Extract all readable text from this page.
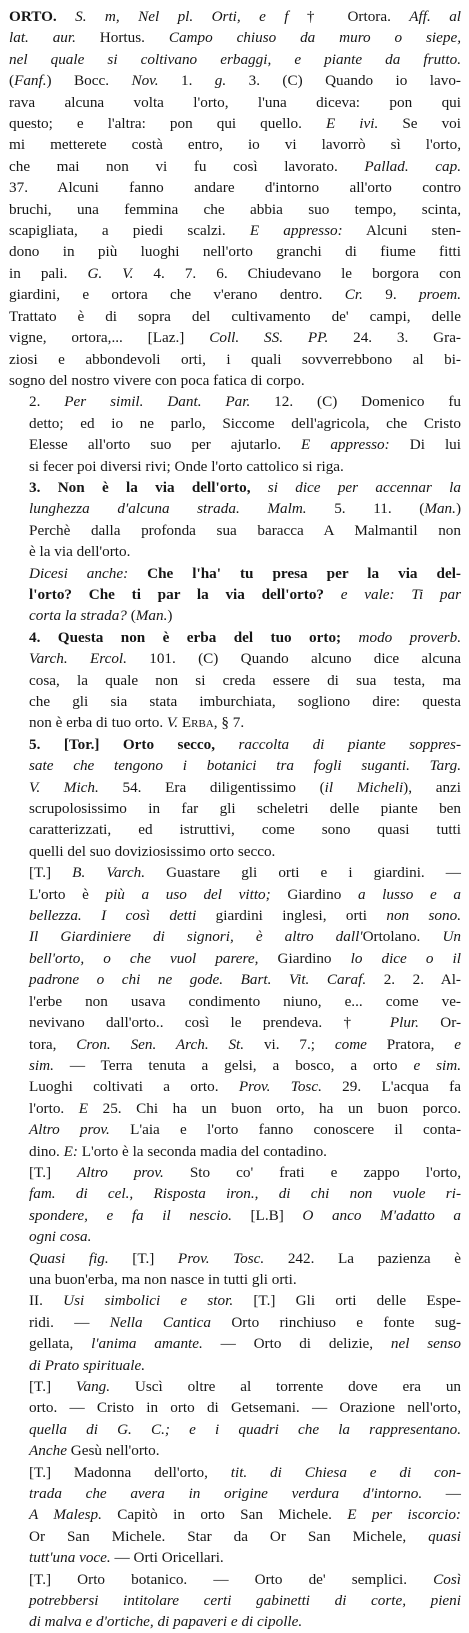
ORTO. S. m, Nel pl. Orti, e f † Ortora. Aff. al
lat. aur. Hortus. Campo chiuso da muro o siepe,
nel quale si coltivano erbaggi, e piante da frutto.
(Fanf.) Bocc. Nov. 1. g. 3. (C) Quando io lavo-
rava alcuna volta l'orto, l'una diceva: pon qui
questo; e l'altra: pon qui quello. E ivi. Se voi
mi metterete costà entro, io vi lavorrò sì l'orto,
che mai non vi fu così lavorato. Pallad. cap.
37. Alcuni fanno andare d'intorno all'orto contro
bruchi, una femmina che abbia suo tempo, scinta,
scapigliata, a piedi scalzi. E appresso: Alcuni sten-
dono in più luoghi nell'orto granchi di fiume fitti
in pali. G. V. 4. 7. 6. Chiudevano le borgora con
giardini, e ortora che v'erano dentro. Cr. 9. proem.
Trattato è di sopra del cultivamento de' campi, delle
vigne, ortora,... [Laz.] Coll. SS. PP. 24. 3. Gra-
ziosi e abbondevoli orti, i quali sovverrebbono al bi-
sogno del nostro vivere con poca fatica di corpo.
2. Per simil. Dant. Par. 12. (C) Domenico fu
detto; ed io ne parlo, Siccome dell'agricola, che Cristo
Elesse all'orto suo per ajutarlo. E appresso: Di lui
si fecer poi diversi rivi; Onde l'orto cattolico si riga.
3. Non è la via dell'orto, si dice per accennar la
lunghezza d'alcuna strada. Malm. 5. 11. (Man.)
Perchè dalla profonda sua baracca A Malmantil non
è la via dell'orto.
Dicesi anche: Che l'ha' tu presa per la via del-
l'orto? Che ti par la via dell'orto? e vale: Ti par
corta la strada? (Man.)
4. Questa non è erba del tuo orto; modo proverb.
Varch. Ercol. 101. (C) Quando alcuno dice alcuna
cosa, la quale non si creda essere di sua testa, ma
che gli sia stata imburchiata, sogliono dire: questa
non è erba di tuo orto. V. Erba, § 7.
5. [Tor.] Orto secco, raccolta di piante soppres-
sate che tengono i botanici tra fogli suganti. Targ.
V. Mich. 54. Era diligentissimo (il Micheli), anzi
scrupolosissimo in far gli scheletri delle piante ben
caratterizzati, ed istruttivi, come sono quasi tutti
quelli del suo doviziosissimo orto secco.
[T.] B. Varch. Guastare gli orti e i giardini. —
L'orto è più a uso del vitto; Giardino a lusso e a
bellezza. I così detti giardini inglesi, orti non sono.
Il Giardiniere di signori, è altro dall'Ortolano. Un
bell'orto, o che vuol parere, Giardino lo dice o il
padrone o chi ne gode. Bart. Vit. Caraf. 2. 2. Al-
l'erbe non usava condimento niuno, e... come ve-
nevivano dall'orto.. così le prendeva. † Plur. Or-
tora, Cron. Sen. Arch. St. vi. 7.; come Pratora, e
sim. — Terra tenuta a gelsi, a bosco, a orto e sim.
Luoghi coltivati a orto. Prov. Tosc. 29. L'acqua fa
l'orto. E 25. Chi ha un buon orto, ha un buon porco.
Altro prov. L'aia e l'orto fanno conoscere il conta-
dino. E: L'orto è la seconda madia del contadino.
[T.] Altro prov. Sto co' frati e zappo l'orto,
fam. di cel., Risposta iron., di chi non vuole ri-
spondere, e fa il nescio. [L.B] O anco M'adatto a
ogni cosa.
Quasi fig. [T.] Prov. Tosc. 242. La pazienza è
una buon'erba, ma non nasce in tutti gli orti.
II. Usi simbolici e stor. [T.] Gli orti delle Espe-
ridi. — Nella Cantica Orto rinchiuso e fonte sug-
gellata, l'anima amante. — Orto di delizie, nel senso
di Prato spirituale.
[T.] Vang. Uscì oltre al torrente dove era un
orto. — Cristo in orto di Getsemani. — Orazione nell'orto,
quella di G. C.; e i quadri che la rappresentano.
Anche Gesù nell'orto.
[T.] Madonna dell'orto, tit. di Chiesa e di con-
trada che avera in origine verdura d'intorno. —
A Malesp. Capitò in orto San Michele. E per iscorcio:
Or San Michele. Star da Or San Michele, quasi
tutt'una voce. — Orti Oricellari.
[T.] Orto botanico. — Orto de' semplici. Così
potrebbersi intitolare certi gabinetti di corte, pieni
di malva e d'ortiche, di papaveri e di cipolle.
